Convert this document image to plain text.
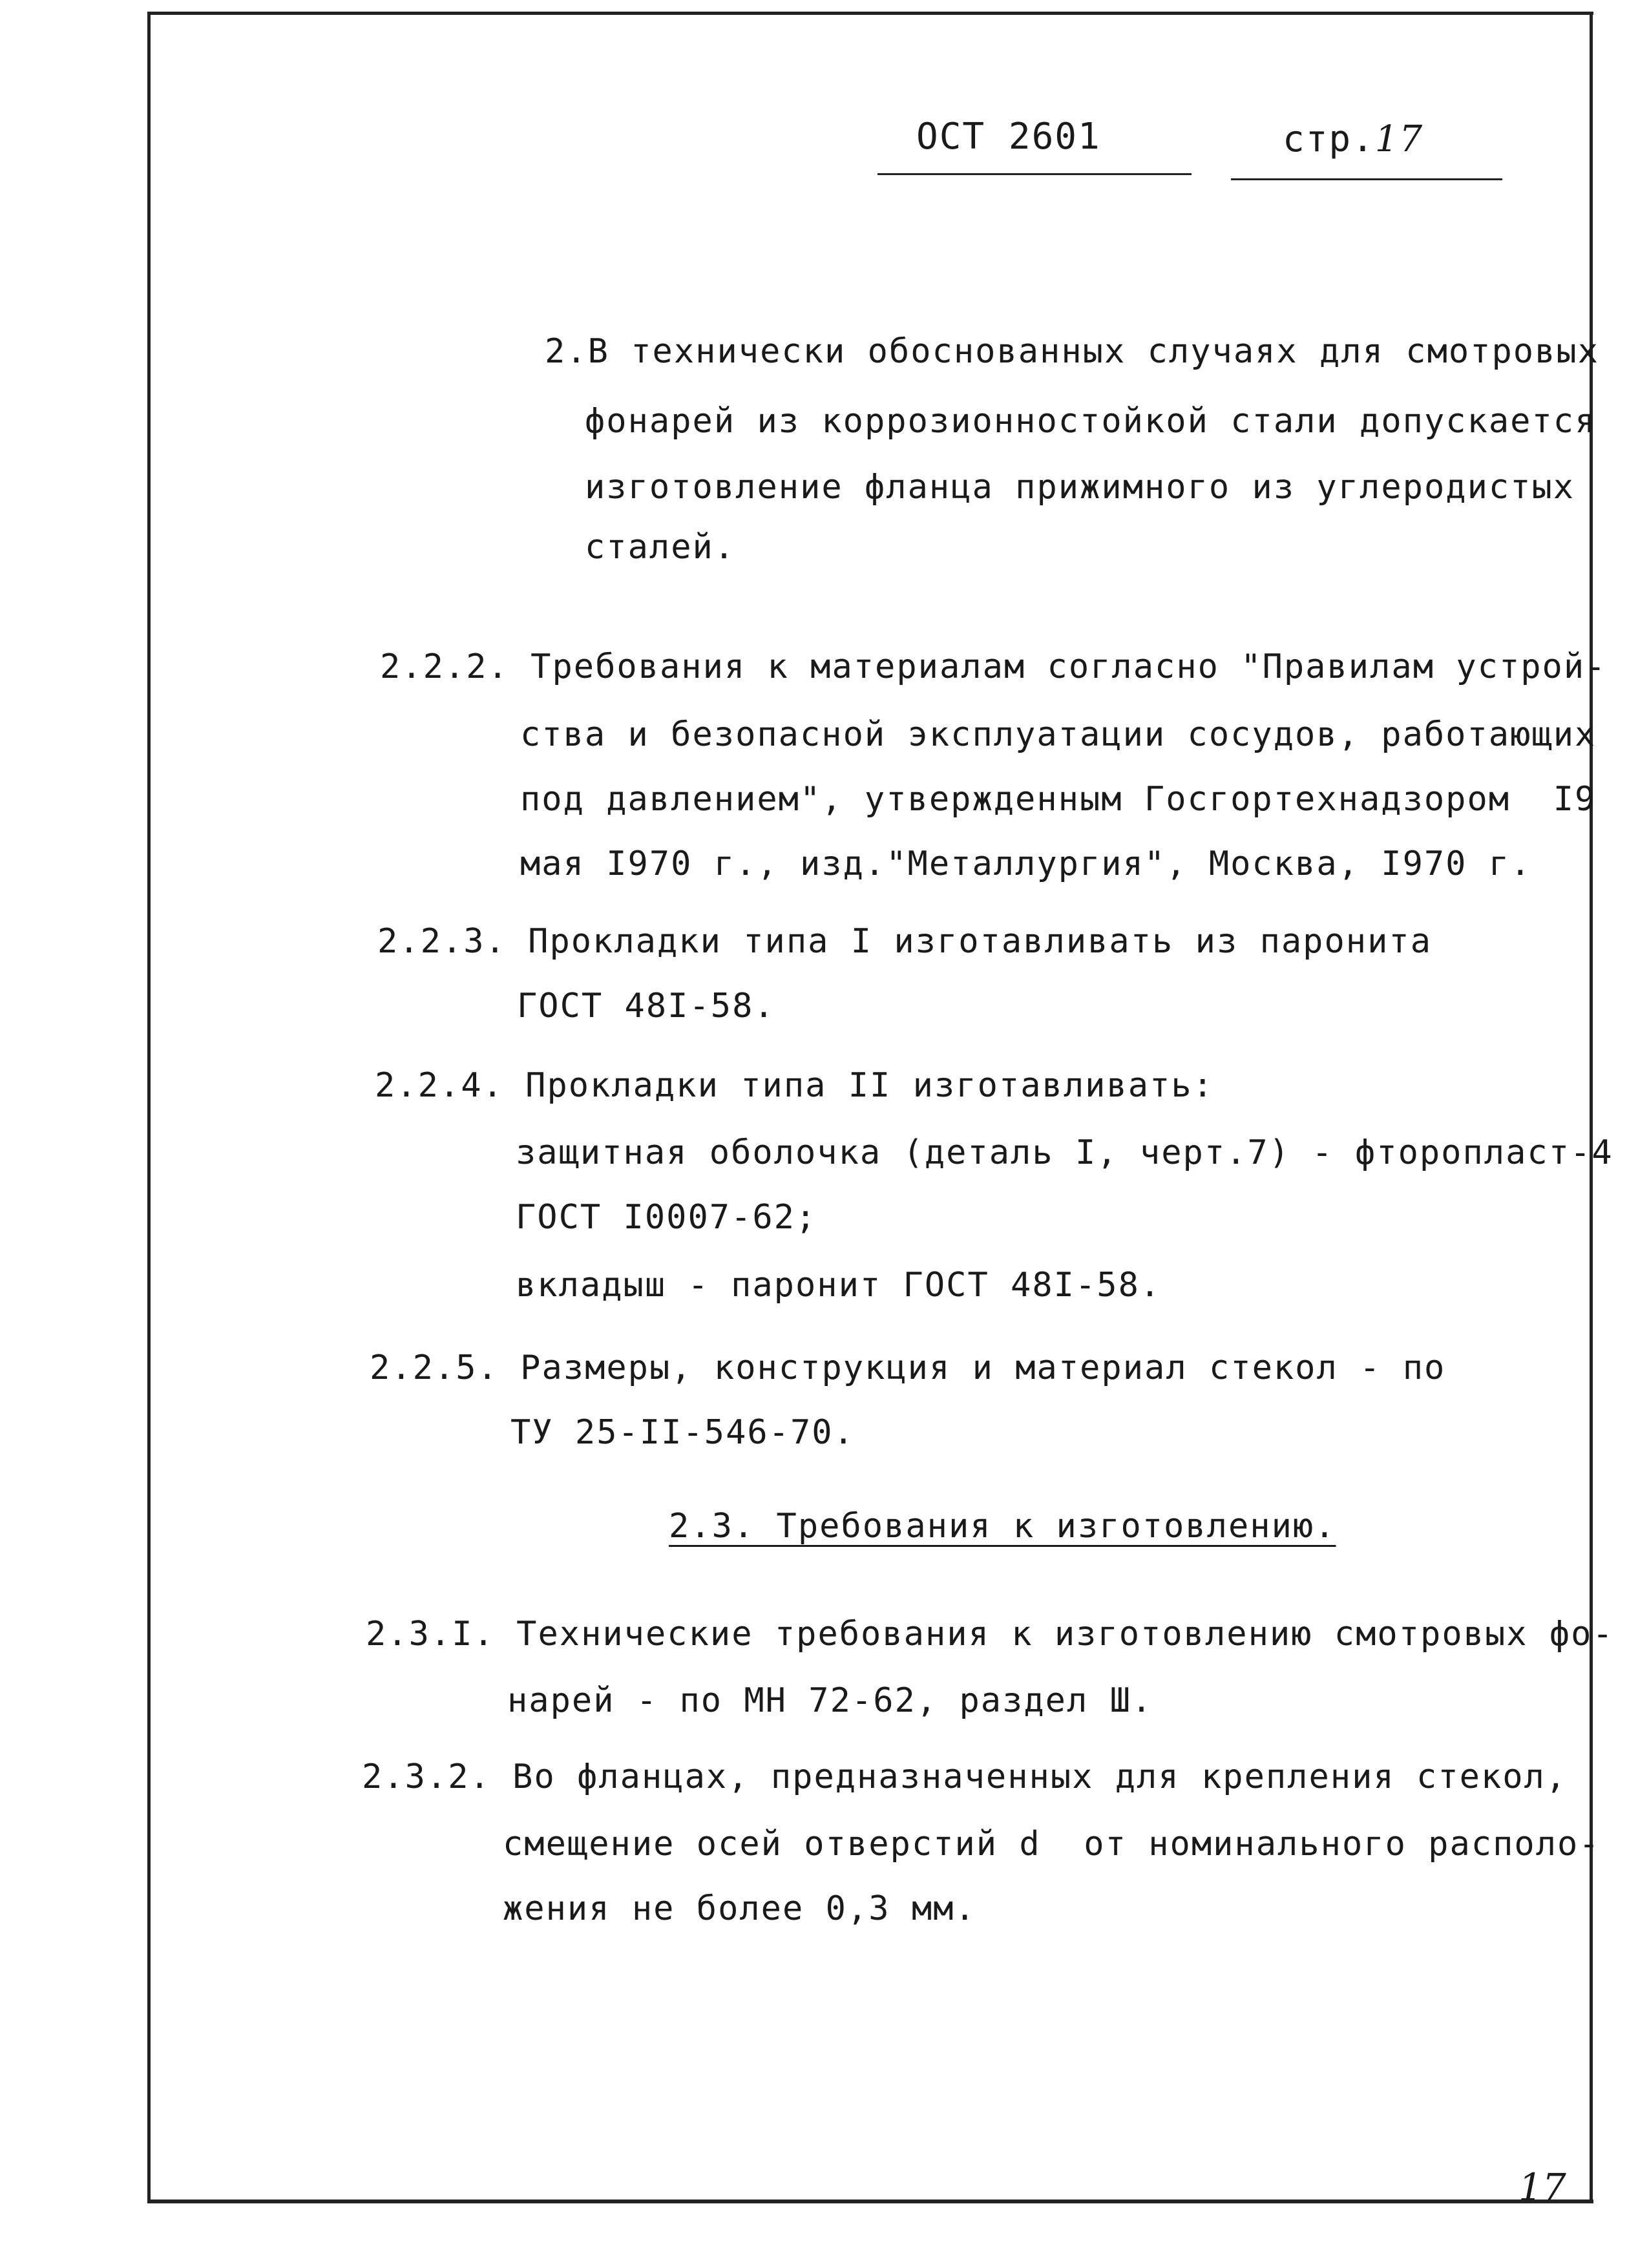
ОСТ 2601	стр.17
2.В технически обоснованных случаях для смотровых
фонарей из коррозионностойкой стали допускается
изготовление фланца прижимного из углеродистых
сталей.
2.2.2. Требования к материалам согласно "Правилам устрой-
ства и безопасной эксплуатации сосудов, работающих
под давлением", утвержденным Госгортехнадзором  I9
мая I970 г., изд."Металлургия", Москва, I970 г.
2.2.3. Прокладки типа I изготавливать из паронита
ГОСТ 48I-58.
2.2.4. Прокладки типа II изготавливать:
защитная оболочка (деталь I, черт.7) - фторопласт-4
ГОСТ I0007-62;
вкладыш - паронит ГОСТ 48I-58.
2.2.5. Размеры, конструкция и материал стекол - по
ТУ 25-II-546-70.
2.3. Требования к изготовлению.
2.3.I. Технические требования к изготовлению смотровых фо-
нарей - по МН 72-62, раздел Ш.
2.3.2. Во фланцах, предназначенных для крепления стекол,
смещение осей отверстий d  от номинального располо-
жения не более 0,3 мм.
17
